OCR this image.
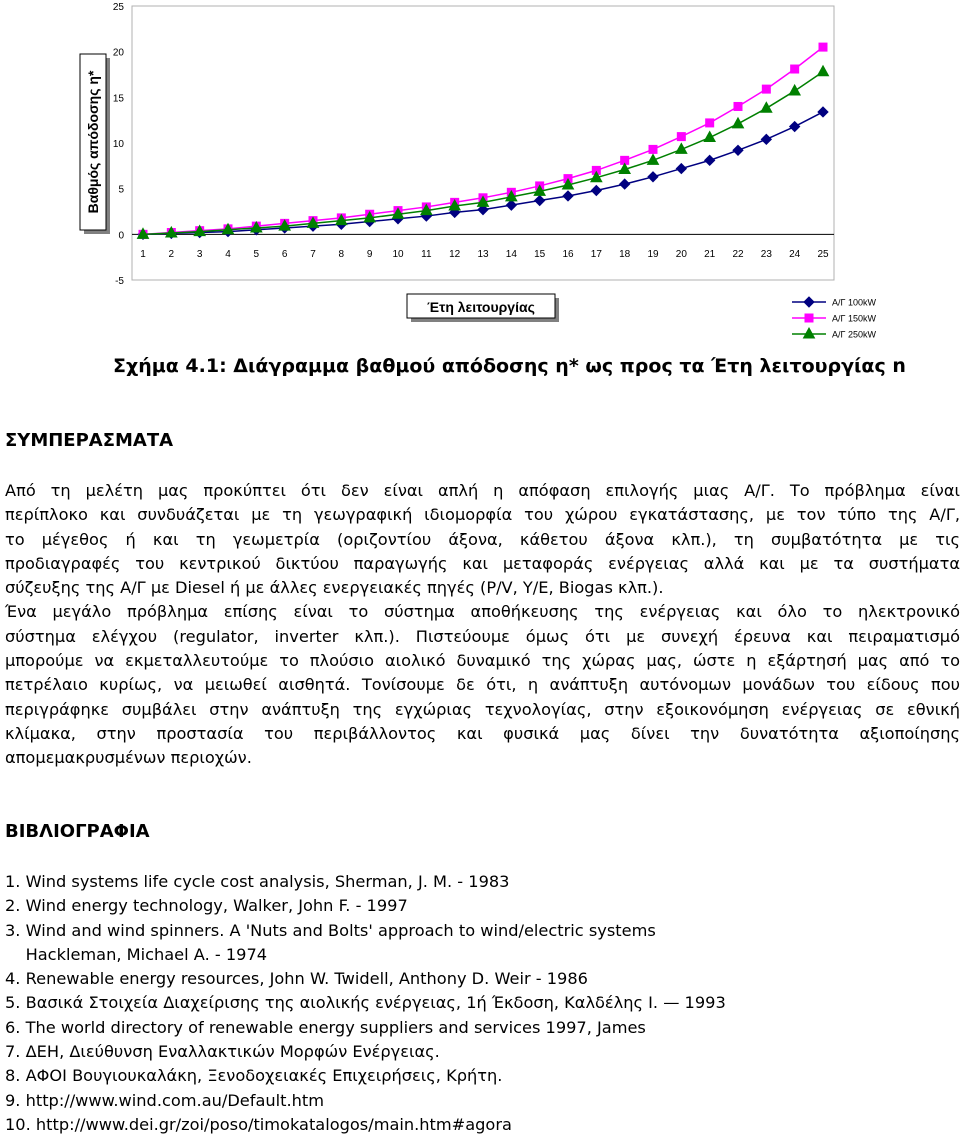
25
20
15
10
5
0
-5
1 2 3 4 5 6 7 8 9 10 11 12 13 14 15 16 17 18 19 20 21 22 23 24 25
Βαθμός απόδοσης η*
Έτη λειτουργίας	Α/Γ 100kW
Α/Γ 150kW
Α/Γ 250kW

Σχήμα 4.1: Διάγραμμα βαθμού απόδοσης η* ως προς τα Έτη λειτουργίας n

ΣΥΜΠΕΡΑΣΜΑΤΑ
Από τη μελέτη μας προκύπτει ότι δεν είναι απλή η απόφαση επιλογής μιας Α/Γ. Το πρόβλημα είναι
περίπλοκο και συνδυάζεται με τη γεωγραφική ιδιομορφία του χώρου εγκατάστασης, με τον τύπο της Α/Γ,
το μέγεθος ή και τη γεωμετρία (οριζοντίου άξονα, κάθετου άξονα κλπ.), τη συμβατότητα με τις
προδιαγραφές του κεντρικού δικτύου παραγωγής και μεταφοράς ενέργειας αλλά και με τα συστήματα
σύζευξης της Α/Γ με Diesel ή με άλλες ενεργειακές πηγές (P/V, Y/E, Biogas κλπ.).
Ένα μεγάλο πρόβλημα επίσης είναι το σύστημα αποθήκευσης της ενέργειας και όλο το ηλεκτρονικό
σύστημα ελέγχου (regulator, inverter κλπ.). Πιστεύουμε όμως ότι με συνεχή έρευνα και πειραματισμό
μπορούμε να εκμεταλλευτούμε το πλούσιο αιολικό δυναμικό της χώρας μας, ώστε η εξάρτησή μας από το
πετρέλαιο κυρίως, να μειωθεί αισθητά. Τονίσουμε δε ότι, η ανάπτυξη αυτόνομων μονάδων του είδους που
περιγράφηκε συμβάλει στην ανάπτυξη της εγχώριας τεχνολογίας, στην εξοικονόμηση ενέργειας σε εθνική
κλίμακα, στην προστασία του περιβάλλοντος και φυσικά μας δίνει την δυνατότητα αξιοποίησης
απομεμακρυσμένων περιοχών.
ΒΙΒΛΙΟΓΡΑΦΙΑ
1. Wind systems life cycle cost analysis, Sherman, J. M. - 1983
2. Wind energy technology, Walker, John F. - 1997
3. Wind and wind spinners. A 'Nuts and Bolts' approach to wind/electric systems
Hackleman, Michael A. - 1974
4. Renewable energy resources, John W. Twidell, Anthony D. Weir - 1986
5. Βασικά Στοιχεία Διαχείρισης της αιολικής ενέργειας, 1ή Έκδοση, Καλδέλης Ι. — 1993
6. The world directory of renewable energy suppliers and services 1997, James
7. ΔΕΗ, Διεύθυνση Εναλλακτικών Μορφών Ενέργειας.
8. ΑΦΟΙ Βουγιουκαλάκη, Ξενοδοχειακές Επιχειρήσεις, Κρήτη.
9. http://www.wind.com.au/Default.htm
10. http://www.dei.gr/zoi/poso/timokatalogos/main.htm#agora
